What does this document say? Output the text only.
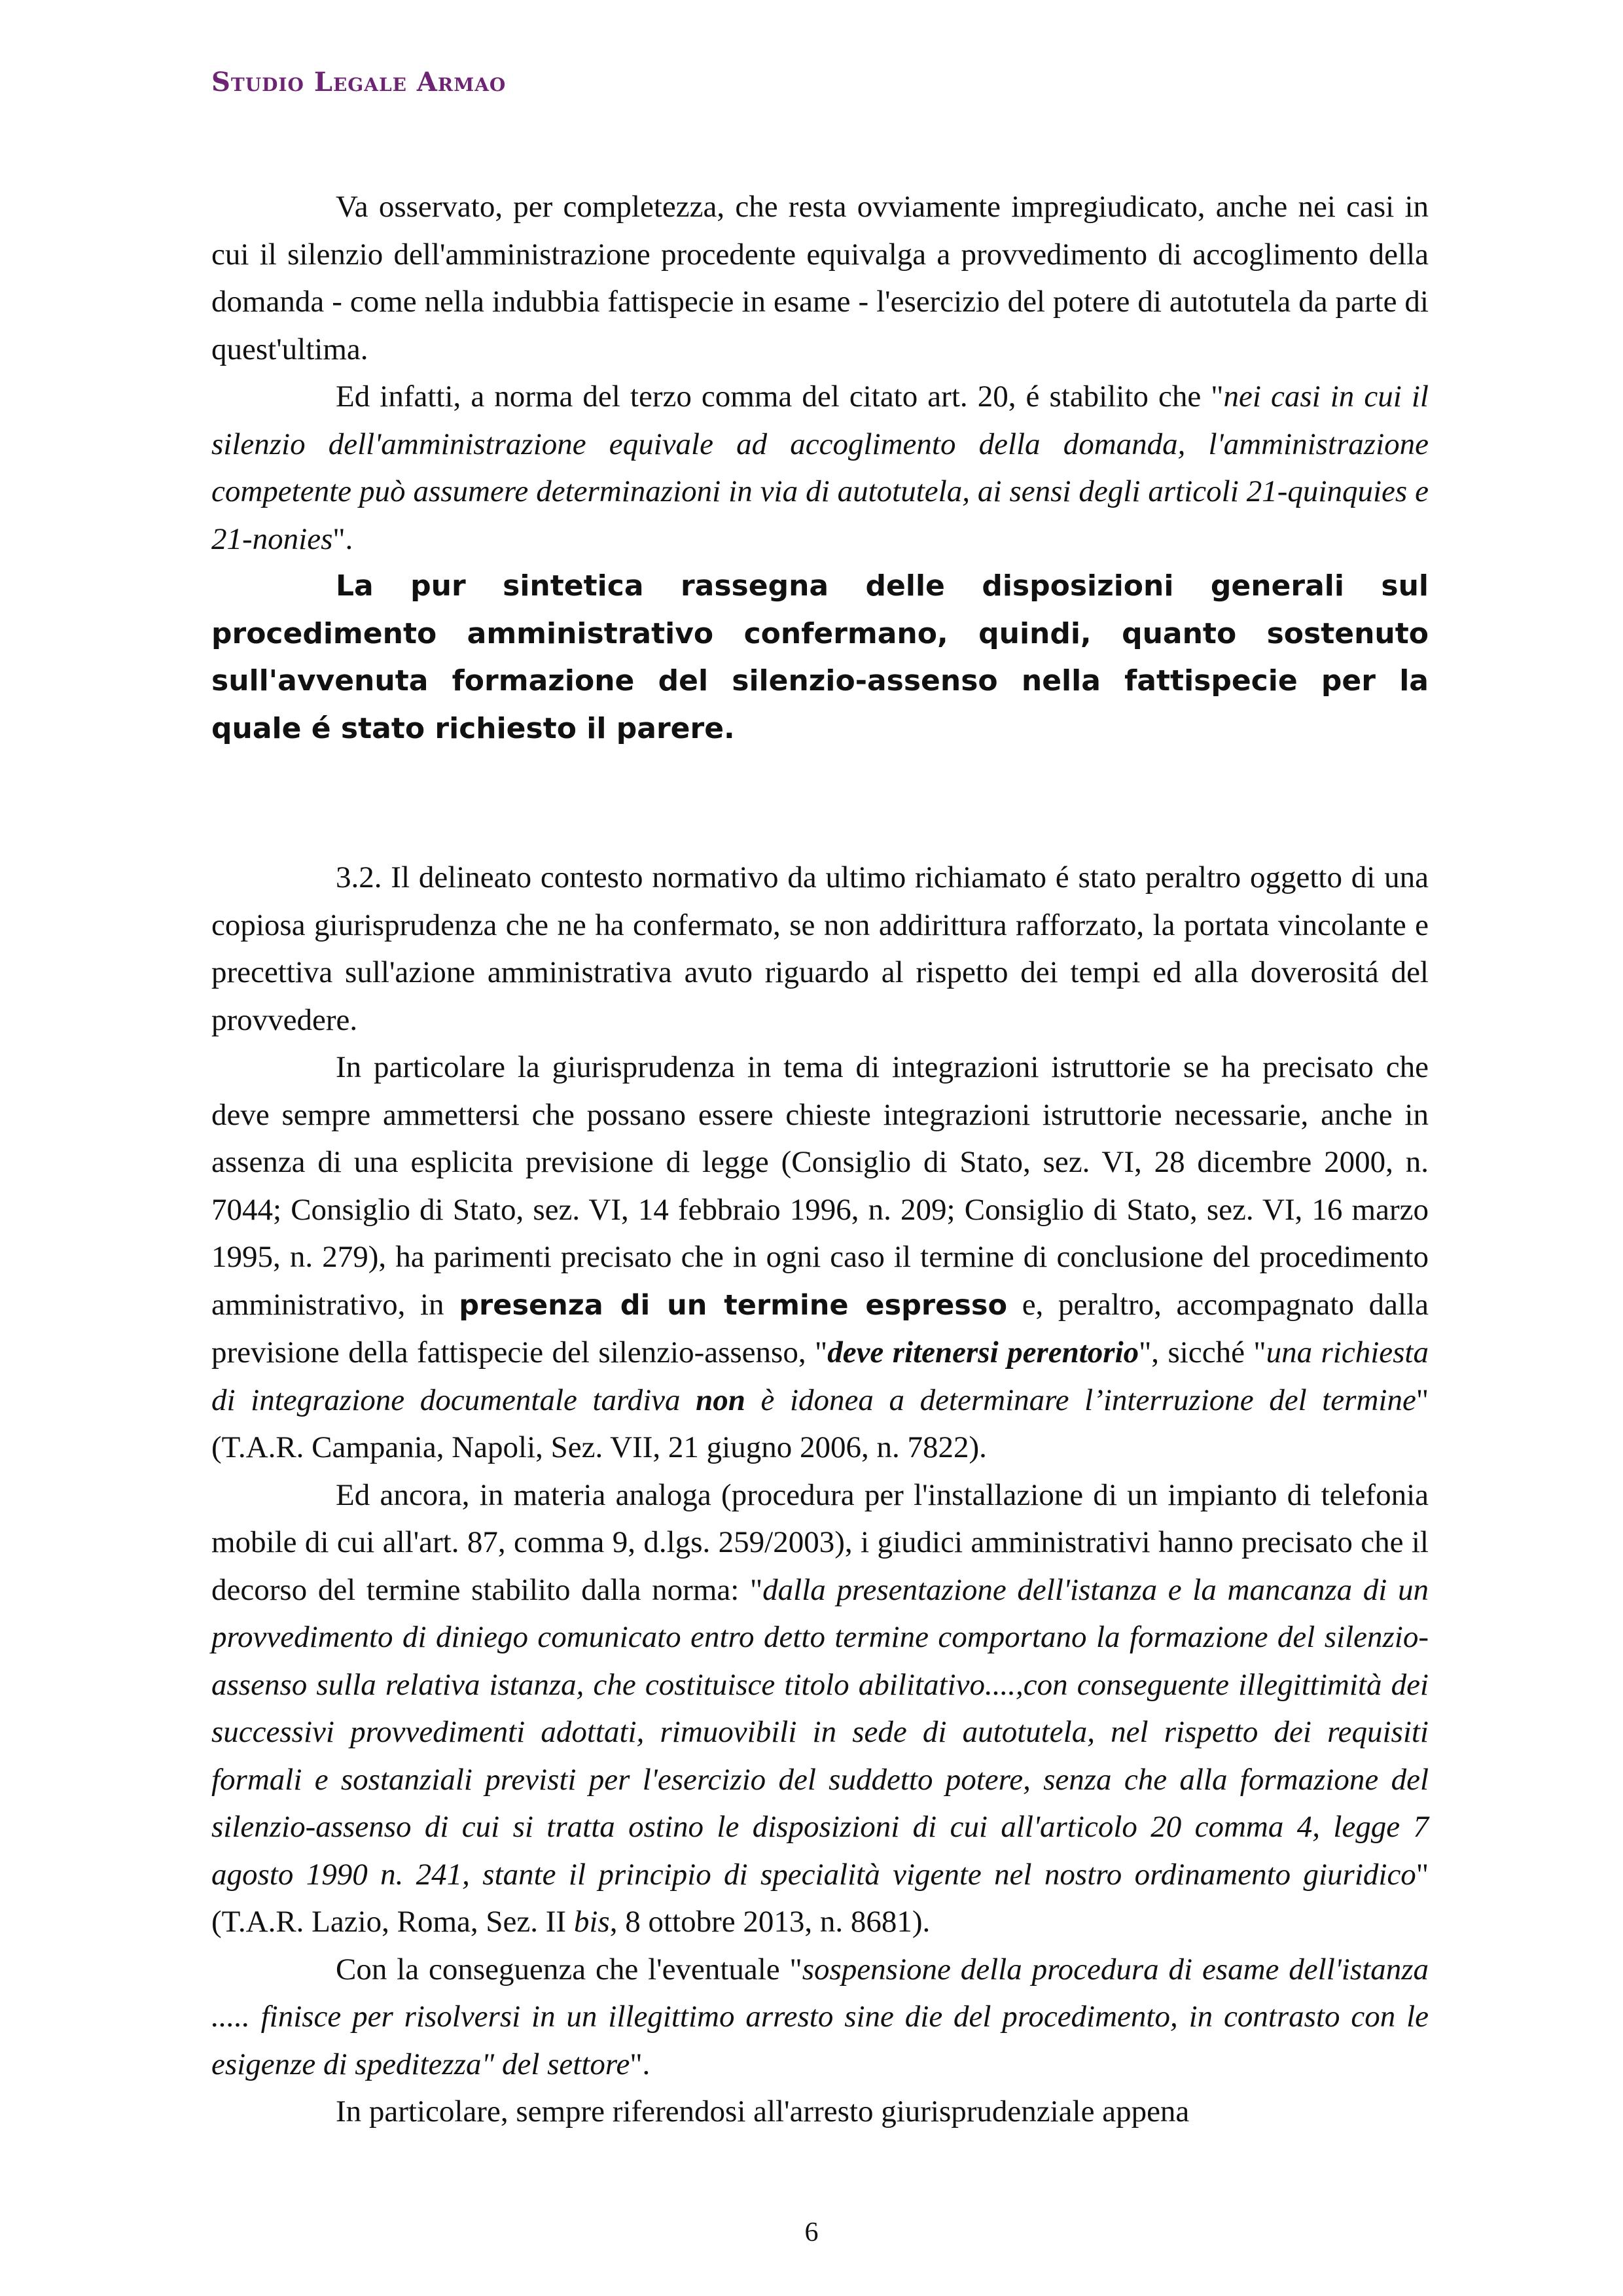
Studio Legale Armao

Va osservato, per completezza, che resta ovviamente impregiudicato, anche nei casi in cui il silenzio dell'amministrazione procedente equivalga a provvedimento di accoglimento della domanda - come nella indubbia fattispecie in esame - l'esercizio del potere di autotutela da parte di quest'ultima.

Ed infatti, a norma del terzo comma del citato art. 20, é stabilito che "nei casi in cui il silenzio dell'amministrazione equivale ad accoglimento della domanda, l'amministrazione competente può assumere determinazioni in via di autotutela, ai sensi degli articoli 21-quinquies e 21-nonies".

La pur sintetica rassegna delle disposizioni generali sul procedimento amministrativo confermano, quindi, quanto sostenuto sull'avvenuta formazione del silenzio-assenso nella fattispecie per la quale é stato richiesto il parere.

3.2. Il delineato contesto normativo da ultimo richiamato é stato peraltro oggetto di una copiosa giurisprudenza che ne ha confermato, se non addirittura rafforzato, la portata vincolante e precettiva sull'azione amministrativa avuto riguardo al rispetto dei tempi ed alla doverositá del provvedere.

In particolare la giurisprudenza in tema di integrazioni istruttorie se ha precisato che deve sempre ammettersi che possano essere chieste integrazioni istruttorie necessarie, anche in assenza di una esplicita previsione di legge (Consiglio di Stato, sez. VI, 28 dicembre 2000, n. 7044; Consiglio di Stato, sez. VI, 14 febbraio 1996, n. 209; Consiglio di Stato, sez. VI, 16 marzo 1995, n. 279), ha parimenti precisato che in ogni caso il termine di conclusione del procedimento amministrativo, in presenza di un termine espresso e, peraltro, accompagnato dalla previsione della fattispecie del silenzio-assenso, "deve ritenersi perentorio", sicché "una richiesta di integrazione documentale tardiva non è idonea a determinare l’interruzione del termine" (T.A.R. Campania, Napoli, Sez. VII, 21 giugno 2006, n. 7822).

Ed ancora, in materia analoga (procedura per l'installazione di un impianto di telefonia mobile di cui all'art. 87, comma 9, d.lgs. 259/2003), i giudici amministrativi hanno precisato che il decorso del termine stabilito dalla norma: "dalla presentazione dell'istanza e la mancanza di un provvedimento di diniego comunicato entro detto termine comportano la formazione del silenzio-assenso sulla relativa istanza, che costituisce titolo abilitativo....,con conseguente illegittimità dei successivi provvedimenti adottati, rimuovibili in sede di autotutela, nel rispetto dei requisiti formali e sostanziali previsti per l'esercizio del suddetto potere, senza che alla formazione del silenzio-assenso di cui si tratta ostino le disposizioni di cui all'articolo 20 comma 4, legge 7 agosto 1990 n. 241, stante il principio di specialità vigente nel nostro ordinamento giuridico"(T.A.R. Lazio, Roma, Sez. II bis, 8 ottobre 2013, n. 8681).

Con la conseguenza che l'eventuale "sospensione della procedura di esame dell'istanza ..... finisce per risolversi in un illegittimo arresto sine die del procedimento, in contrasto con le esigenze di speditezza" del settore".

In particolare, sempre riferendosi all'arresto giurisprudenziale appena

6
